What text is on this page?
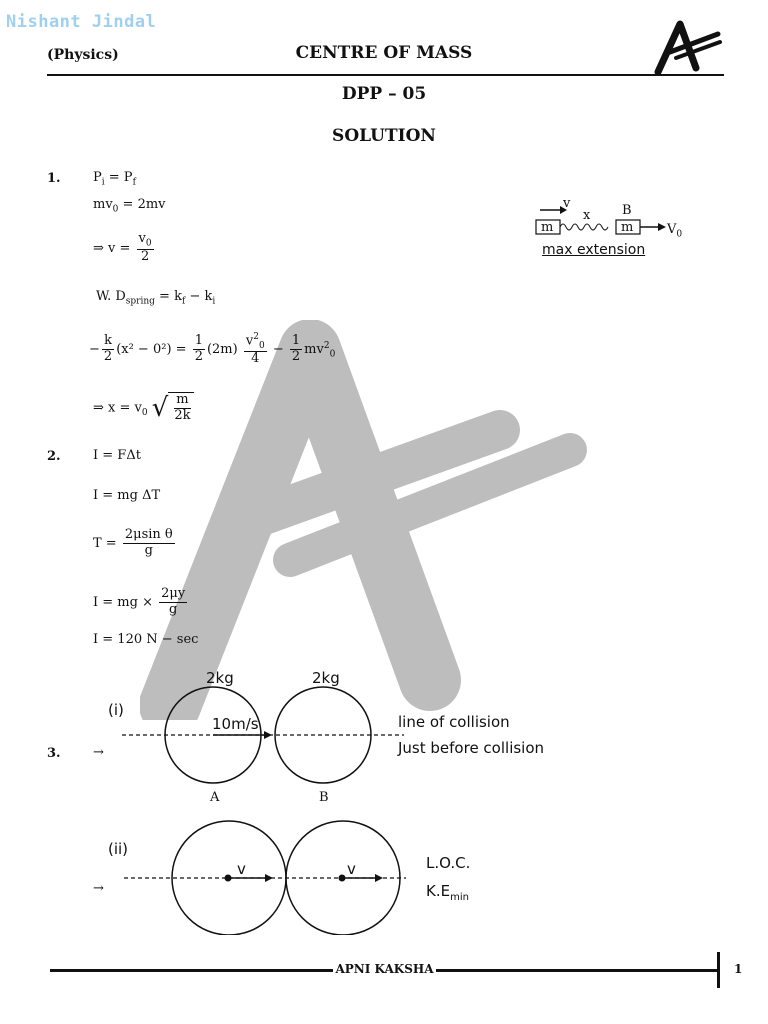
Nishant Jindal
(Physics)	CENTRE OF MASS
DPP – 05
SOLUTION
1. $P_i = P_f$
$mv_0 = 2mv$
⇒ $v = \frac{v_0}{2}$
W. $D_{spring} = k_f - k_i$
− $\frac{k}{2} (x^2 - 0^2) = \frac{1}{2} (2m) \frac{v^2_0}{4} - \frac{1}{2} mv^2_0$
⇒ $x = v_0$ √ $\frac{m}{2k}$
v
x B
m	m	$V_0$
max extension
2. I = FΔt
I = mg ΔT
$T = \frac{\text{2μsin θ}}{g}$
I = mg × $\frac{2\mu y}{g}$
I = 120 N − sec
3. →
→
(i)
2kg	2kg
10m/s	line of collision
Just before collision
A	B
(ii)
v	v	L.O.C.
$K.E_{min}$
APNI KAKSHA	1
